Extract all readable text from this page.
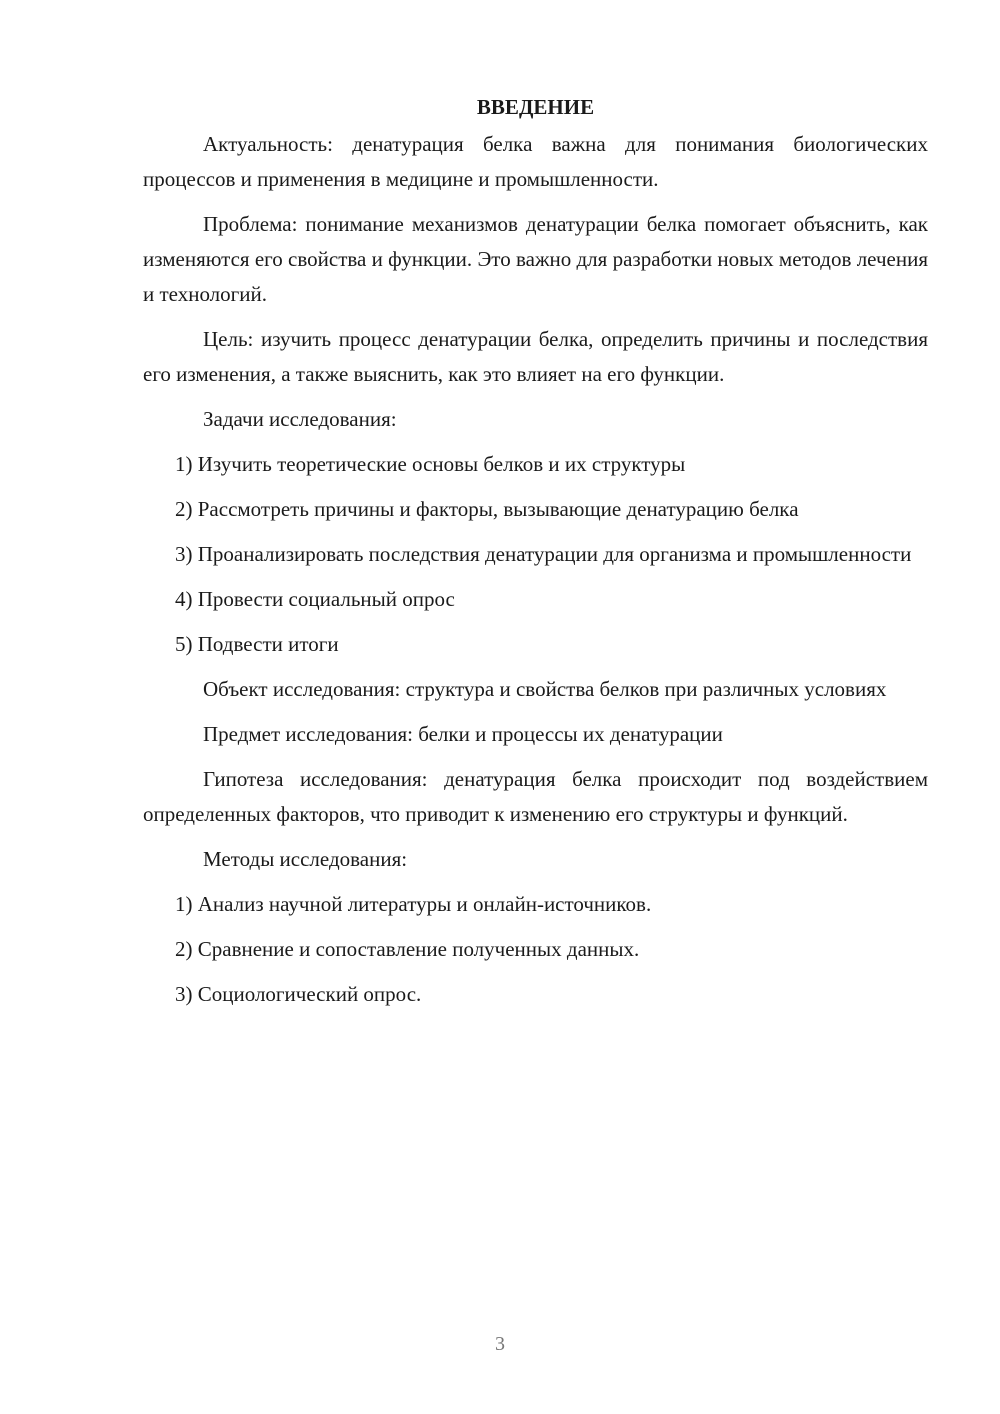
ВВЕДЕНИЕ

Актуальность: денатурация белка важна для понимания биологических процессов и применения в медицине и промышленности.

Проблема: понимание механизмов денатурации белка помогает объяснить, как изменяются его свойства и функции. Это важно для разработки новых методов лечения и технологий.

Цель: изучить процесс денатурации белка, определить причины и последствия его изменения, а также выяснить, как это влияет на его функции.

Задачи исследования:

1) Изучить теоретические основы белков и их структуры

2) Рассмотреть причины и факторы, вызывающие денатурацию белка

3) Проанализировать последствия денатурации для организма и промышленности

4) Провести социальный опрос

5) Подвести итоги

Объект исследования: структура и свойства белков при различных условиях

Предмет исследования: белки и процессы их денатурации

Гипотеза исследования: денатурация белка происходит под воздействием определенных факторов, что приводит к изменению его структуры и функций.

Методы исследования:

1) Анализ научной литературы и онлайн-источников.

2) Сравнение и сопоставление полученных данных.

3) Социологический опрос.

3
